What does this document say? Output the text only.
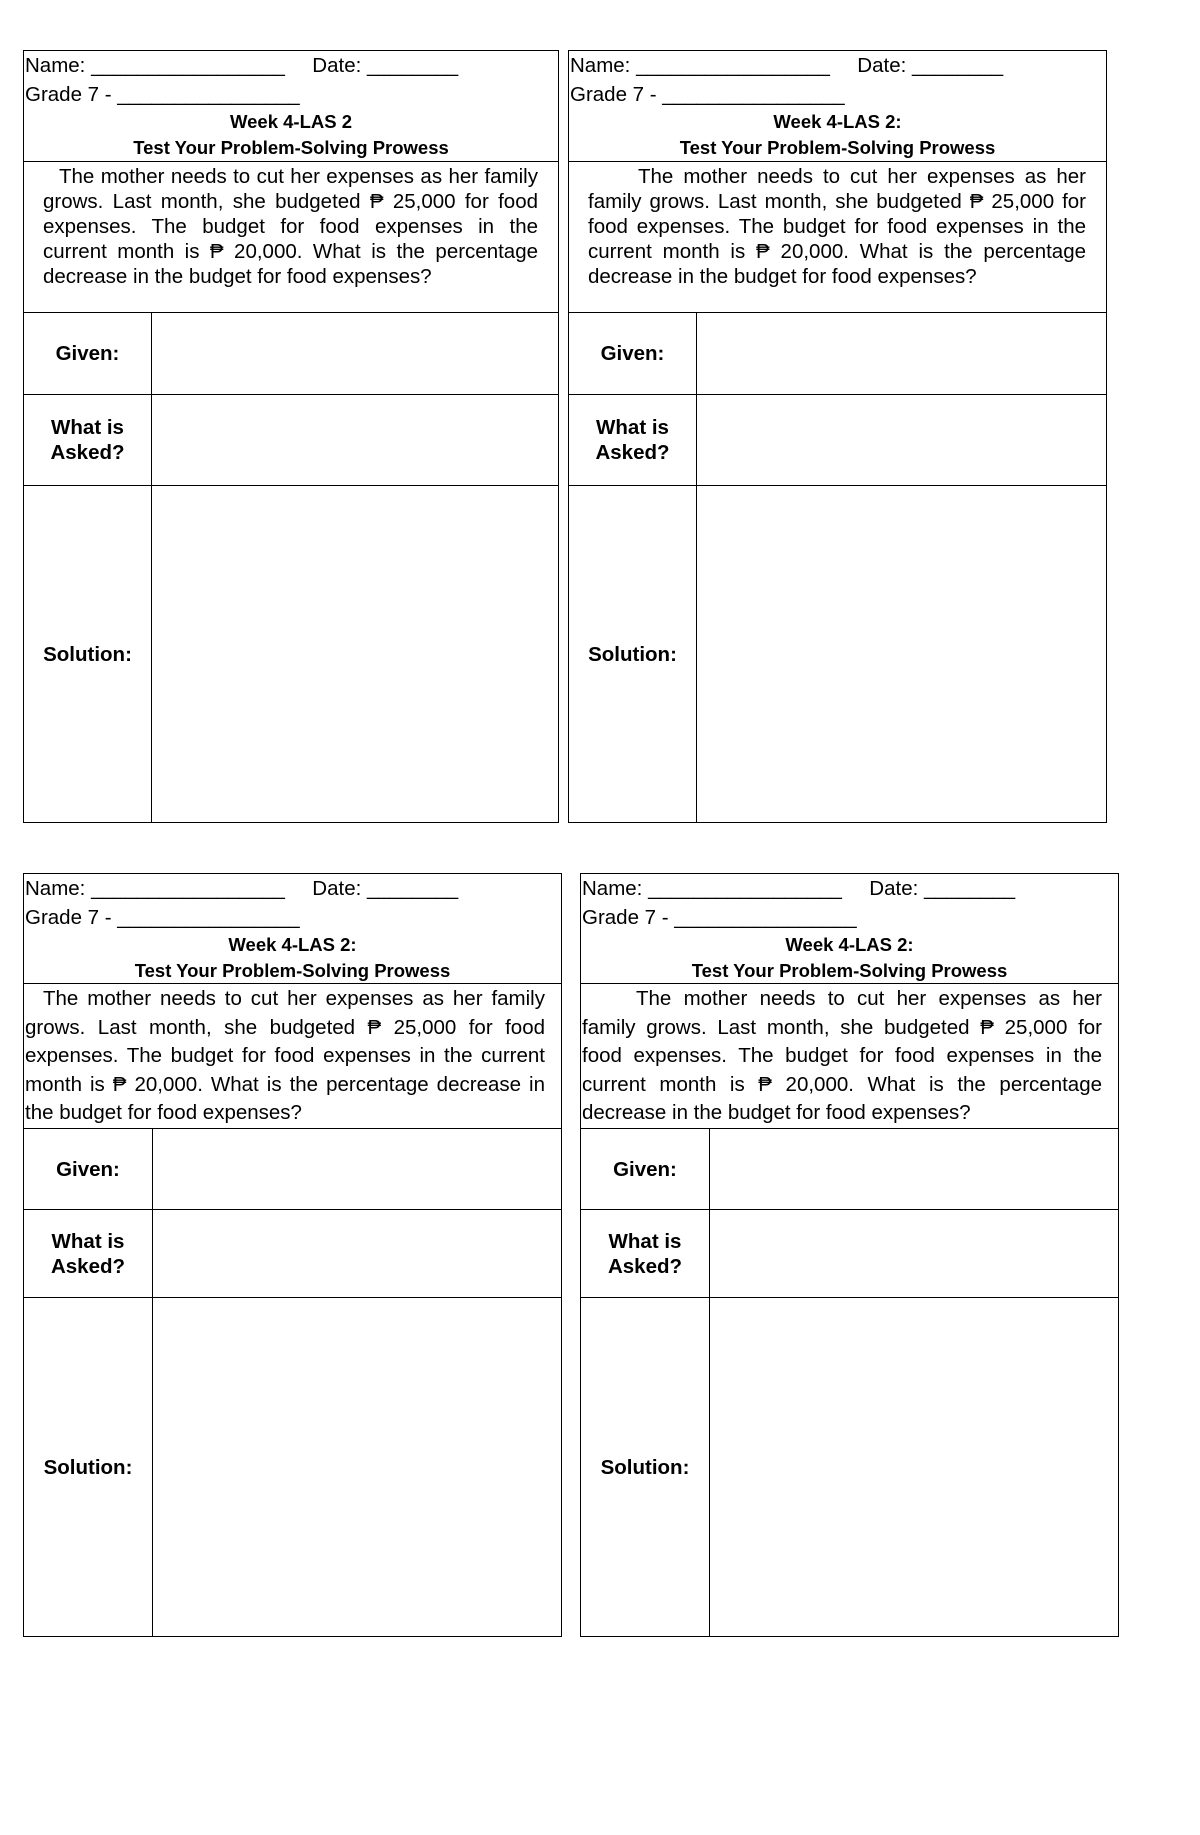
Name: _________________  Date: ________
Grade 7 - ________________
Week 4-LAS 2
Test Your Problem-Solving Prowess
The mother needs to cut her expenses as her family grows. Last month, she budgeted ₱ 25,000 for food expenses. The budget for food expenses in the current month is ₱ 20,000. What is the percentage decrease in the budget for food expenses?
Given:
What is Asked?
Solution:
Name: _________________  Date: ________
Grade 7 - ________________
Week 4-LAS 2:
Test Your Problem-Solving Prowess
The mother needs to cut her expenses as her family grows. Last month, she budgeted ₱ 25,000 for food expenses. The budget for food expenses in the current month is ₱ 20,000. What is the percentage decrease in the budget for food expenses?
Given:
What is Asked?
Solution:
Name: _________________  Date: ________
Grade 7 - ________________
Week 4-LAS 2:
Test Your Problem-Solving Prowess
The mother needs to cut her expenses as her family grows. Last month, she budgeted ₱ 25,000 for food expenses. The budget for food expenses in the current month is ₱ 20,000. What is the percentage decrease in the budget for food expenses?
Given:
What is Asked?
Solution:
Name: _________________  Date: ________
Grade 7 - ________________
Week 4-LAS 2:
Test Your Problem-Solving Prowess
The mother needs to cut her expenses as her family grows. Last month, she budgeted ₱ 25,000 for food expenses. The budget for food expenses in the current month is ₱ 20,000. What is the percentage decrease in the budget for food expenses?
Given:
What is Asked?
Solution:
